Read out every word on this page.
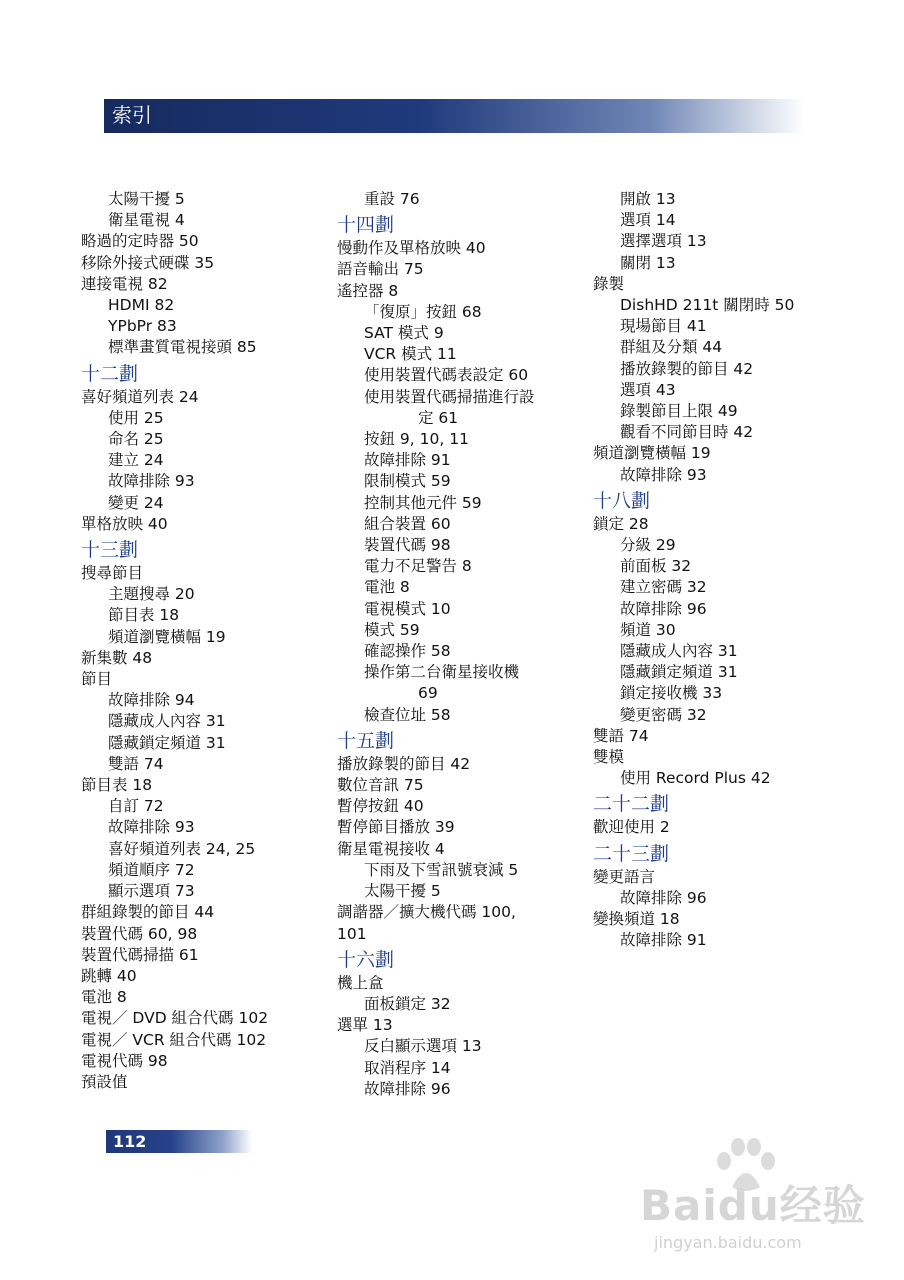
索引
太陽干擾 5
衛星電視 4
略過的定時器 50
移除外接式硬碟 35
連接電視 82
HDMI 82
YPbPr 83
標準畫質電視接頭 85
十二劃
喜好頻道列表 24
使用 25
命名 25
建立 24
故障排除 93
變更 24
單格放映 40
十三劃
搜尋節目
主題搜尋 20
節目表 18
頻道瀏覽橫幅 19
新集數 48
節目
故障排除 94
隱藏成人內容 31
隱藏鎖定頻道 31
雙語 74
節目表 18
自訂 72
故障排除 93
喜好頻道列表 24, 25
頻道順序 72
顯示選項 73
群組錄製的節目 44
裝置代碼 60, 98
裝置代碼掃描 61
跳轉 40
電池 8
電視／ DVD 組合代碼 102
電視／ VCR 組合代碼 102
電視代碼 98
預設值
重設 76
十四劃
慢動作及單格放映 40
語音輸出 75
遙控器 8
「復原」按鈕 68
SAT 模式 9
VCR 模式 11
使用裝置代碼表設定 60
使用裝置代碼掃描進行設
定 61
按鈕 9, 10, 11
故障排除 91
限制模式 59
控制其他元件 59
組合裝置 60
裝置代碼 98
電力不足警告 8
電池 8
電視模式 10
模式 59
確認操作 58
操作第二台衛星接收機
69
檢查位址 58
十五劃
播放錄製的節目 42
數位音訊 75
暫停按鈕 40
暫停節目播放 39
衛星電視接收 4
下雨及下雪訊號衰減 5
太陽干擾 5
調諧器／擴大機代碼 100,
101
十六劃
機上盒
面板鎖定 32
選單 13
反白顯示選項 13
取消程序 14
故障排除 96
開啟 13
選項 14
選擇選項 13
關閉 13
錄製
DishHD 211t 關閉時 50
現場節目 41
群組及分類 44
播放錄製的節目 42
選項 43
錄製節目上限 49
觀看不同節目時 42
頻道瀏覽橫幅 19
故障排除 93
十八劃
鎖定 28
分級 29
前面板 32
建立密碼 32
故障排除 96
頻道 30
隱藏成人內容 31
隱藏鎖定頻道 31
鎖定接收機 33
變更密碼 32
雙語 74
雙模
使用 Record Plus 42
二十二劃
歡迎使用 2
二十三劃
變更語言
故障排除 96
變換頻道 18
故障排除 91
112
Baidu经验
jingyan.baidu.com
